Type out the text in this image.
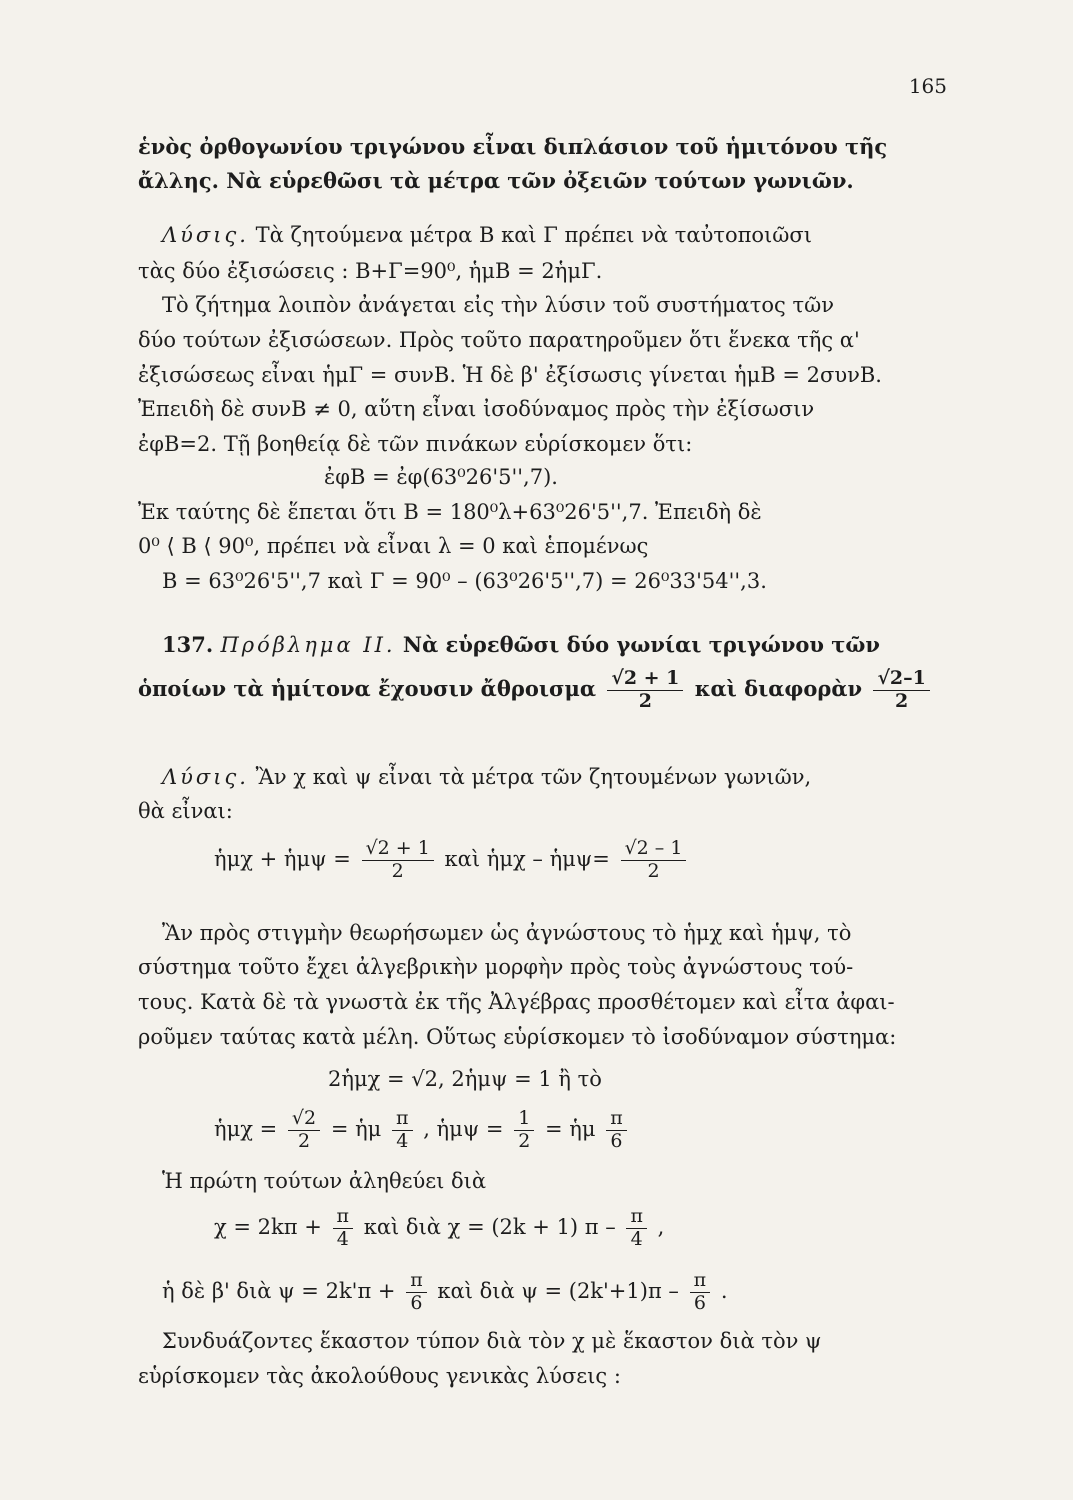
165
ἑνὸς ὀρθογωνίου τριγώνου εἶναι διπλάσιον τοῦ ἡμιτόνου τῆς
ἄλλης. Νὰ εὑρεθῶσι τὰ μέτρα τῶν ὀξειῶν τούτων γωνιῶν.
Λύσις. Τὰ ζητούμενα μέτρα Β καὶ Γ πρέπει νὰ ταὐτοποιῶσι
τὰς δύο ἐξισώσεις : Β+Γ=90⁰, ἡμΒ = 2ἡμΓ.
Τὸ ζήτημα λοιπὸν ἀνάγεται εἰς τὴν λύσιν τοῦ συστήματος τῶν
δύο τούτων ἐξισώσεων. Πρὸς τοῦτο παρατηροῦμεν ὅτι ἕνεκα τῆς α'
ἐξισώσεως εἶναι ἡμΓ = συνΒ. Ἡ δὲ β' ἐξίσωσις γίνεται ἡμΒ = 2συνΒ.
Ἐπειδὴ δὲ συνΒ ≠ 0, αὕτη εἶναι ἰσοδύναμος πρὸς τὴν ἐξίσωσιν
ἐφΒ=2. Τῇ βοηθείᾳ δὲ τῶν πινάκων εὑρίσκομεν ὅτι:
ἐφΒ = ἐφ(63⁰26'5'',7).
Ἐκ ταύτης δὲ ἕπεται ὅτι Β = 180⁰λ+63⁰26'5'',7. Ἐπειδὴ δὲ
0⁰ ⟨ Β ⟨ 90⁰, πρέπει νὰ εἶναι λ = 0 καὶ ἑπομένως
Β = 63⁰26'5'',7 καὶ Γ = 90⁰ – (63⁰26'5'',7) = 26⁰33'54'',3.
137. Πρόβλημα ΙΙ. Νὰ εὑρεθῶσι δύο γωνίαι τριγώνου τῶν
ὁποίων τὰ ἡμίτονα ἔχουσιν ἄθροισμα $\frac{√2 + 1}{2}$ καὶ διαφορὰν $\frac{√2-1}{2}$
Λύσις. Ἂν χ καὶ ψ εἶναι τὰ μέτρα τῶν ζητουμένων γωνιῶν,
θὰ εἶναι:
ἡμχ + ἡμψ = $\frac{√2 + 1}{2}$ καὶ ἡμχ – ἡμψ= $\frac{√2 - 1}{2}$
Ἂν πρὸς στιγμὴν θεωρήσωμεν ὡς ἀγνώστους τὸ ἡμχ καὶ ἡμψ, τὸ
σύστημα τοῦτο ἔχει ἀλγεβρικὴν μορφὴν πρὸς τοὺς ἀγνώστους τού-
τους. Κατὰ δὲ τὰ γνωστὰ ἐκ τῆς Ἀλγέβρας προσθέτομεν καὶ εἶτα ἀφαι-
ροῦμεν ταύτας κατὰ μέλη. Οὕτως εὑρίσκομεν τὸ ἰσοδύναμον σύστημα:
2ἡμχ = √2, 2ἡμψ = 1 ἢ τὸ
ἡμχ = $\frac{√2}{2}$ = ἡμ $\frac{\pi}{4}$ , ἡμψ = $\frac{1}{2}$ = ἡμ $\frac{\pi}{6}$
Ἡ πρώτη τούτων ἀληθεύει διὰ
$\chi = 2k\pi + \frac{\pi}{4}$ καὶ διὰ χ = (2k + 1) π – $\frac{\pi}{4}$ ,
ἡ δὲ β' διὰ $\psi = 2k'\pi + \frac{\pi}{6}$ καὶ διὰ $\psi = (2k'+1)\pi - \frac{\pi}{6}$ .
Συνδυάζοντες ἕκαστον τύπον διὰ τὸν χ μὲ ἕκαστον διὰ τὸν ψ
εὑρίσκομεν τὰς ἀκολούθους γενικὰς λύσεις :
